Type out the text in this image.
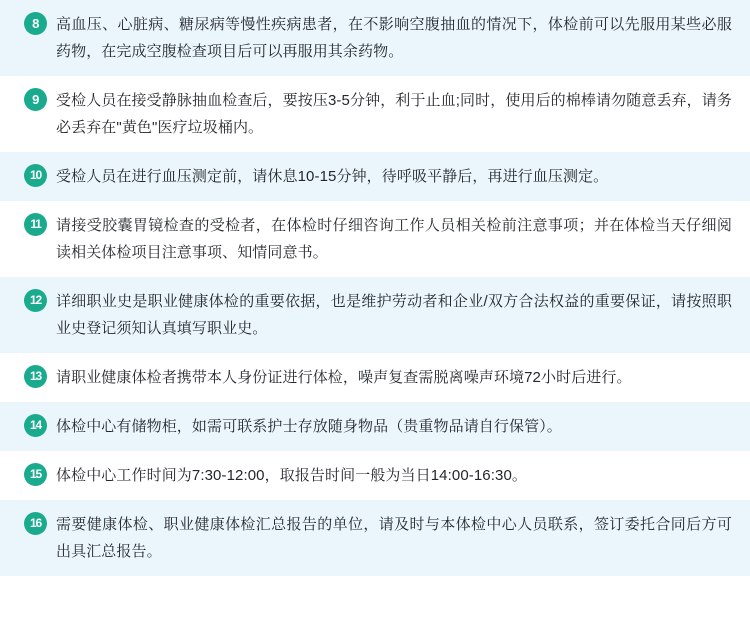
8	高血压、心脏病、糖尿病等慢性疾病患者，在不影响空腹抽血的情况下，体检前可以先服用某些必服药物，在完成空腹检查项目后可以再服用其余药物。
9	受检人员在接受静脉抽血检查后，要按压3-5分钟，利于止血;同时，使用后的棉棒请勿随意丢弃，请务必丢弃在"黄色"医疗垃圾桶内。
10	受检人员在进行血压测定前，请休息10-15分钟，待呼吸平静后，再进行血压测定。
11	请接受胶囊胃镜检查的受检者，在体检时仔细咨询工作人员相关检前注意事项；并在体检当天仔细阅读相关体检项目注意事项、知情同意书。
12	详细职业史是职业健康体检的重要依据，也是维护劳动者和企业/双方合法权益的重要保证，请按照职业史登记须知认真填写职业史。
13	请职业健康体检者携带本人身份证进行体检，噪声复查需脱离噪声环境72小时后进行。
14	体检中心有储物柜，如需可联系护士存放随身物品（贵重物品请自行保管）。
15	体检中心工作时间为7:30-12:00，取报告时间一般为当日14:00-16:30。
16	需要健康体检、职业健康体检汇总报告的单位，请及时与本体检中心人员联系，签订委托合同后方可出具汇总报告。
